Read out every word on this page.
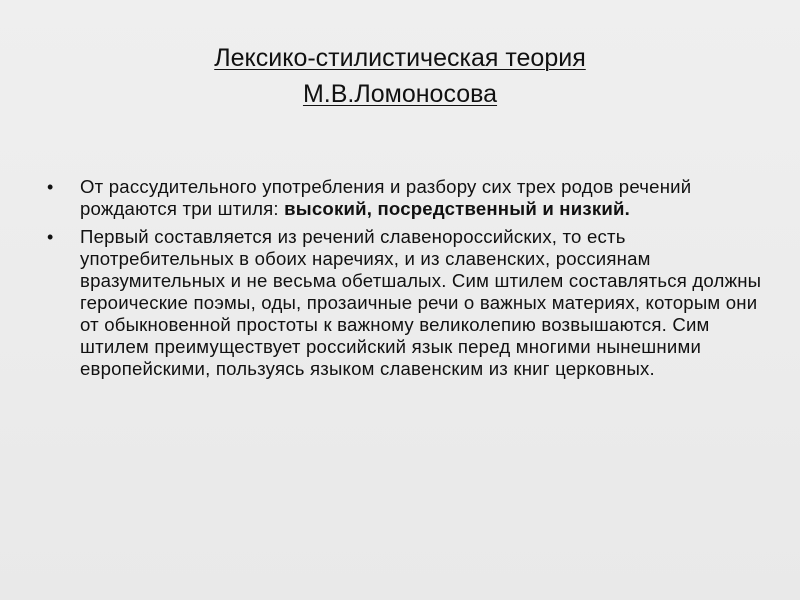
Лексико-стилистическая теория
М.В.Ломоносова
• От рассудительного употребления и разбору сих трех родов речений рождаются три штиля: высокий, посредственный и низкий.
• Первый составляется из речений славенороссийских, то есть употребительных в обоих наречиях, и из славенских, россиянам вразумительных и не весьма обетшалых. Сим штилем составляться должны героические поэмы, оды, прозаичные речи о важных материях, которым они от обыкновенной простоты к важному великолепию возвышаются. Сим штилем преимуществует российский язык перед многими нынешними европейскими, пользуясь языком славенским из книг церковных.
